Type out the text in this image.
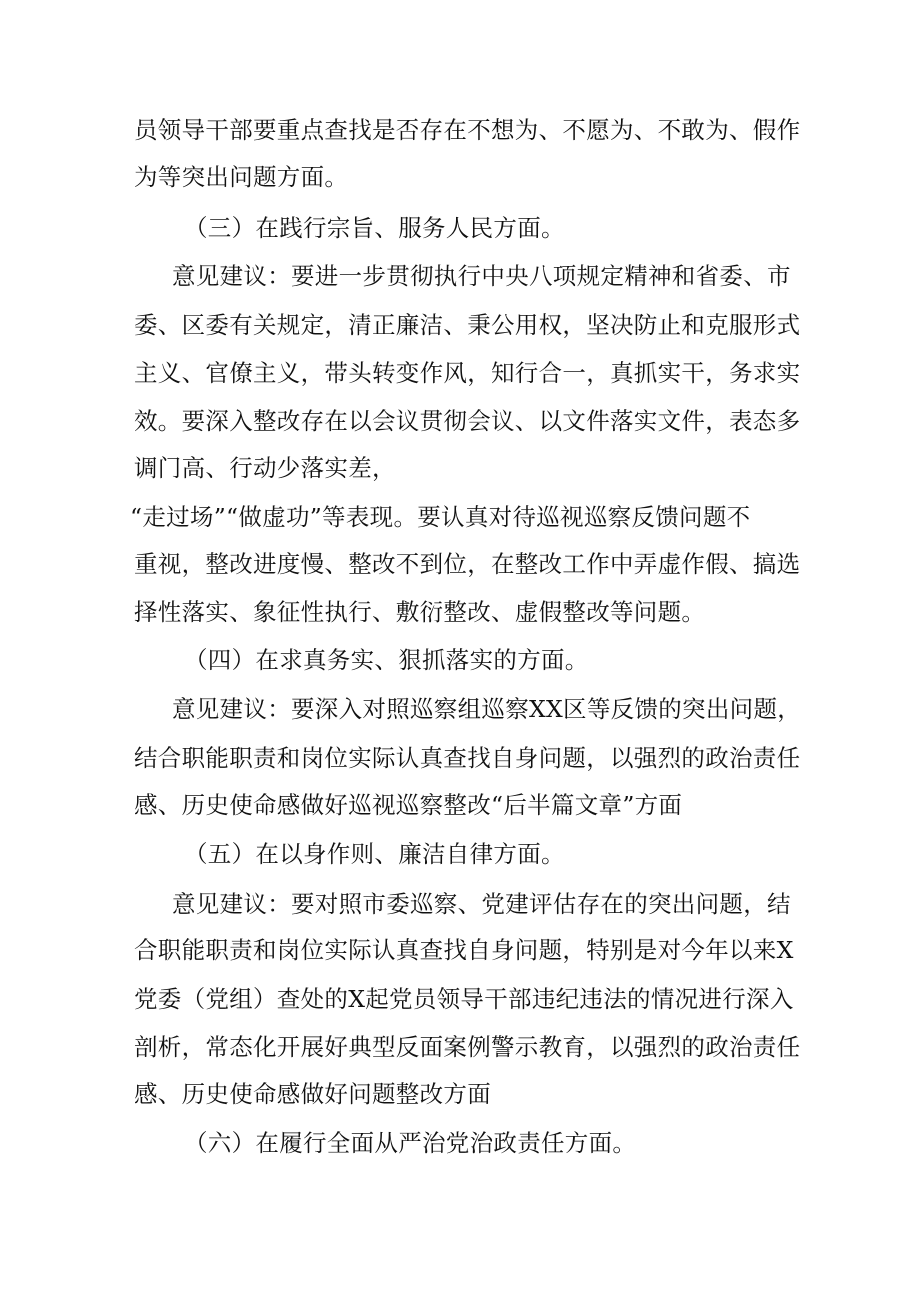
员领导干部要重点查找是否存在不想为、不愿为、不敢为、假作
为等突出问题方面。
（三）在践行宗旨、服务人民方面。
意见建议：要进一步贯彻执行中央八项规定精神和省委、市
委、区委有关规定，清正廉洁、秉公用权，坚决防止和克服形式
主义、官僚主义，带头转变作风，知行合一，真抓实干，务求实
效。要深入整改存在以会议贯彻会议、以文件落实文件，表态多
调门高、行动少落实差，
“走过场”“做虚功”等表现。要认真对待巡视巡察反馈问题不
重视，整改进度慢、整改不到位，在整改工作中弄虚作假、搞选
择性落实、象征性执行、敷衍整改、虚假整改等问题。
（四）在求真务实、狠抓落实的方面。
意见建议：要深入对照巡察组巡察XX区等反馈的突出问题，
结合职能职责和岗位实际认真查找自身问题，以强烈的政治责任
感、历史使命感做好巡视巡察整改“后半篇文章”方面
（五）在以身作则、廉洁自律方面。
意见建议：要对照市委巡察、党建评估存在的突出问题，结
合职能职责和岗位实际认真查找自身问题，特别是对今年以来X
党委（党组）查处的X起党员领导干部违纪违法的情况进行深入
剖析，常态化开展好典型反面案例警示教育，以强烈的政治责任
感、历史使命感做好问题整改方面
（六）在履行全面从严治党治政责任方面。
